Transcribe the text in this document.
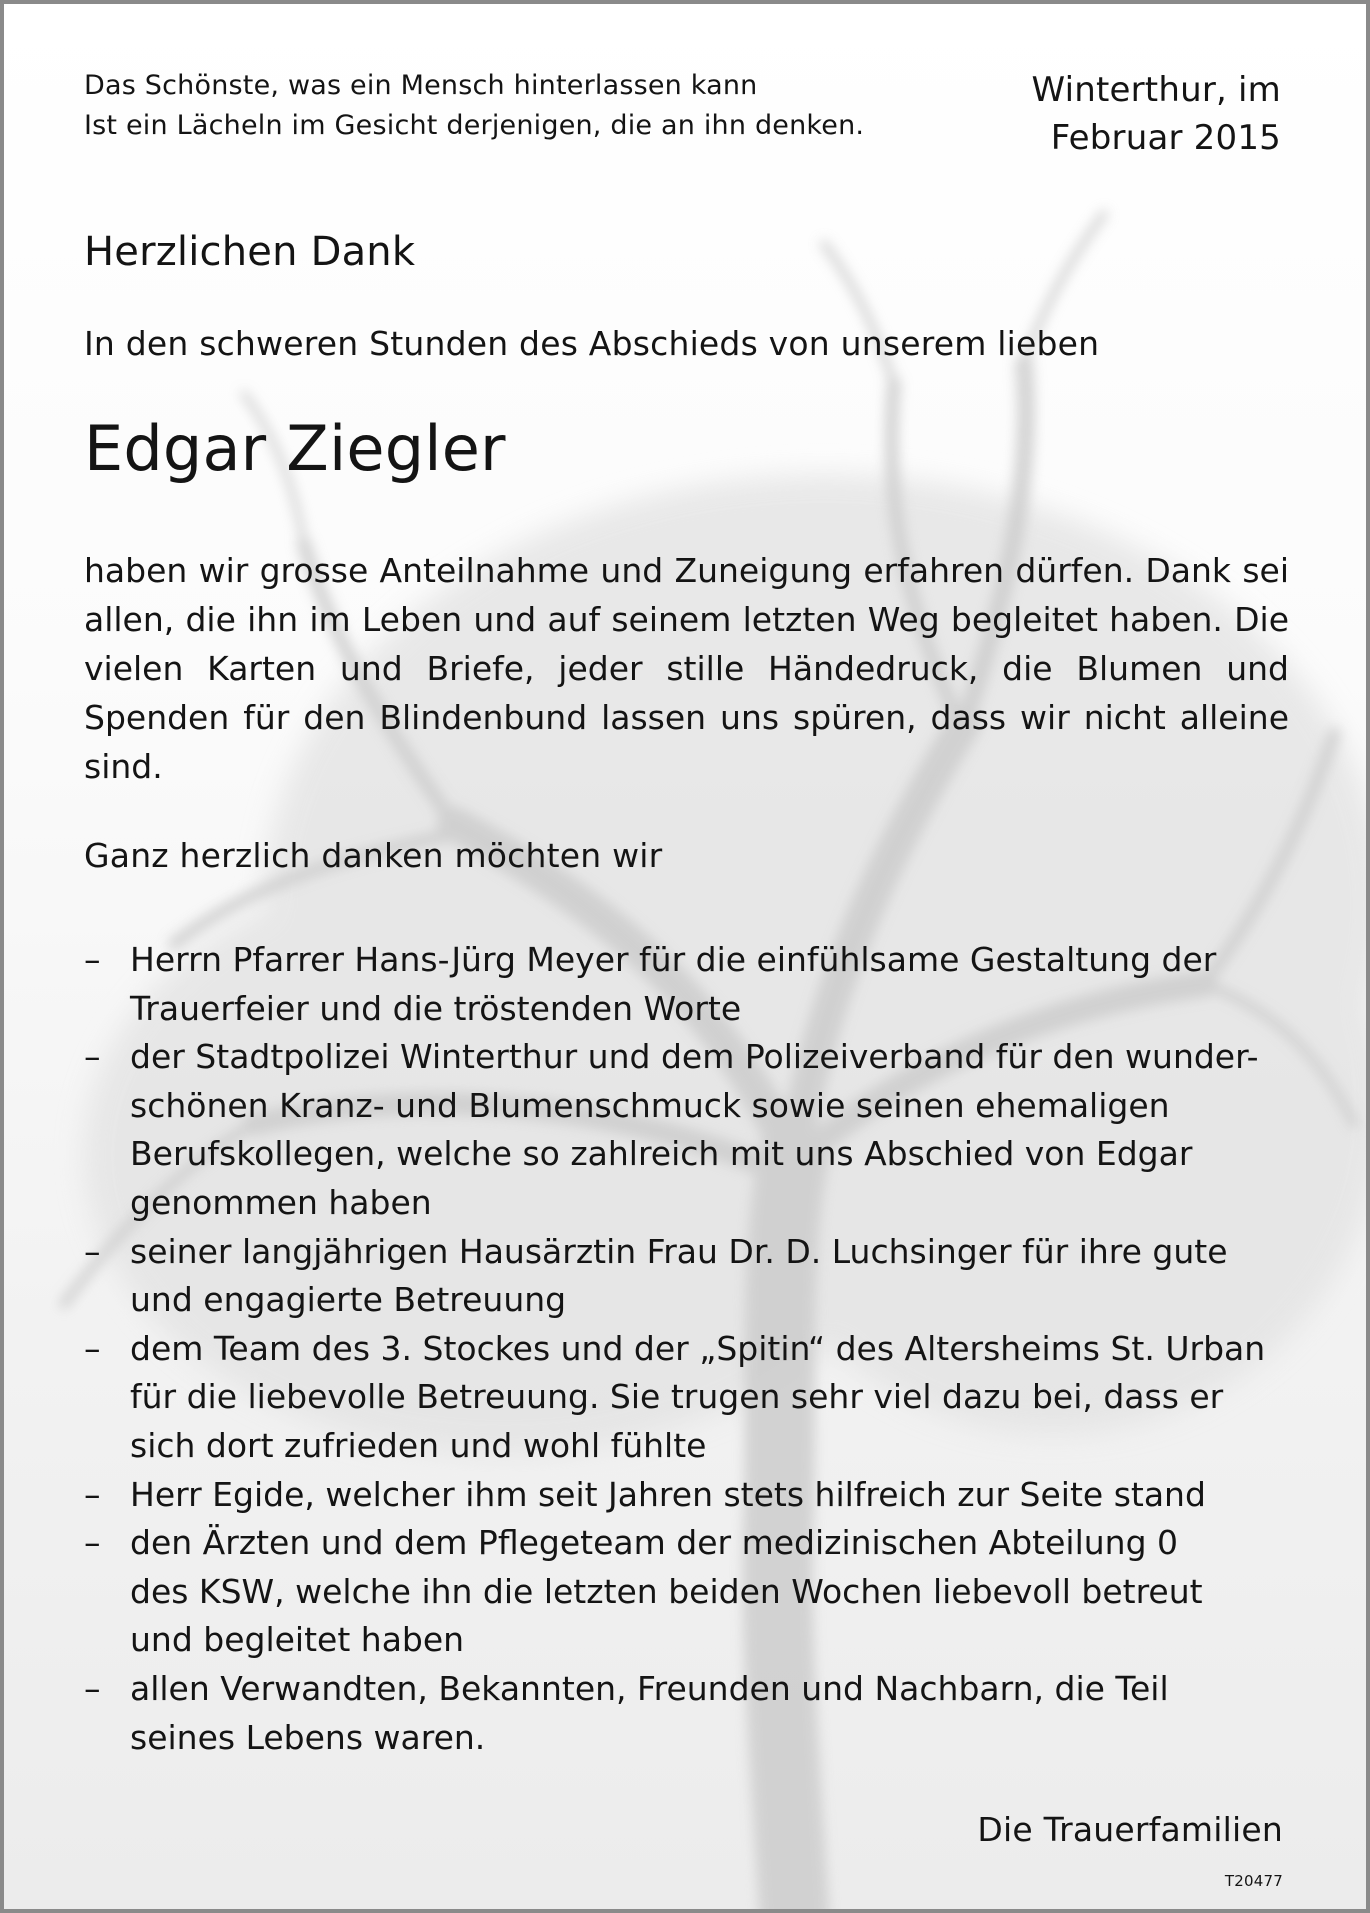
Das Schönste, was ein Mensch hinterlassen kann
Ist ein Lächeln im Gesicht derjenigen, die an ihn denken.
Winterthur, im
Februar 2015
Herzlichen Dank
In den schweren Stunden des Abschieds von unserem lieben
Edgar Ziegler
haben wir grosse Anteilnahme und Zuneigung erfahren dürfen. Dank sei allen, die ihn im Leben und auf seinem letzten Weg begleitet haben. Die vielen Karten und Briefe, jeder stille Händedruck, die Blumen und Spenden für den Blindenbund lassen uns spüren, dass wir nicht alleine sind.
Ganz herzlich danken möchten wir
– Herrn Pfarrer Hans-Jürg Meyer für die einfühlsame Gestaltung der
Trauerfeier und die tröstenden Worte
– der Stadtpolizei Winterthur und dem Polizeiverband für den wunder-
schönen Kranz- und Blumenschmuck sowie seinen ehemaligen
Berufskollegen, welche so zahlreich mit uns Abschied von Edgar
genommen haben
– seiner langjährigen Hausärztin Frau Dr. D. Luchsinger für ihre gute
und engagierte Betreuung
– dem Team des 3. Stockes und der „Spitin“ des Altersheims St. Urban
für die liebevolle Betreuung. Sie trugen sehr viel dazu bei, dass er
sich dort zufrieden und wohl fühlte
– Herr Egide, welcher ihm seit Jahren stets hilfreich zur Seite stand
– den Ärzten und dem Pflegeteam der medizinischen Abteilung 0
des KSW, welche ihn die letzten beiden Wochen liebevoll betreut
und begleitet haben
– allen Verwandten, Bekannten, Freunden und Nachbarn, die Teil
seines Lebens waren.
Die Trauerfamilien
T20477
